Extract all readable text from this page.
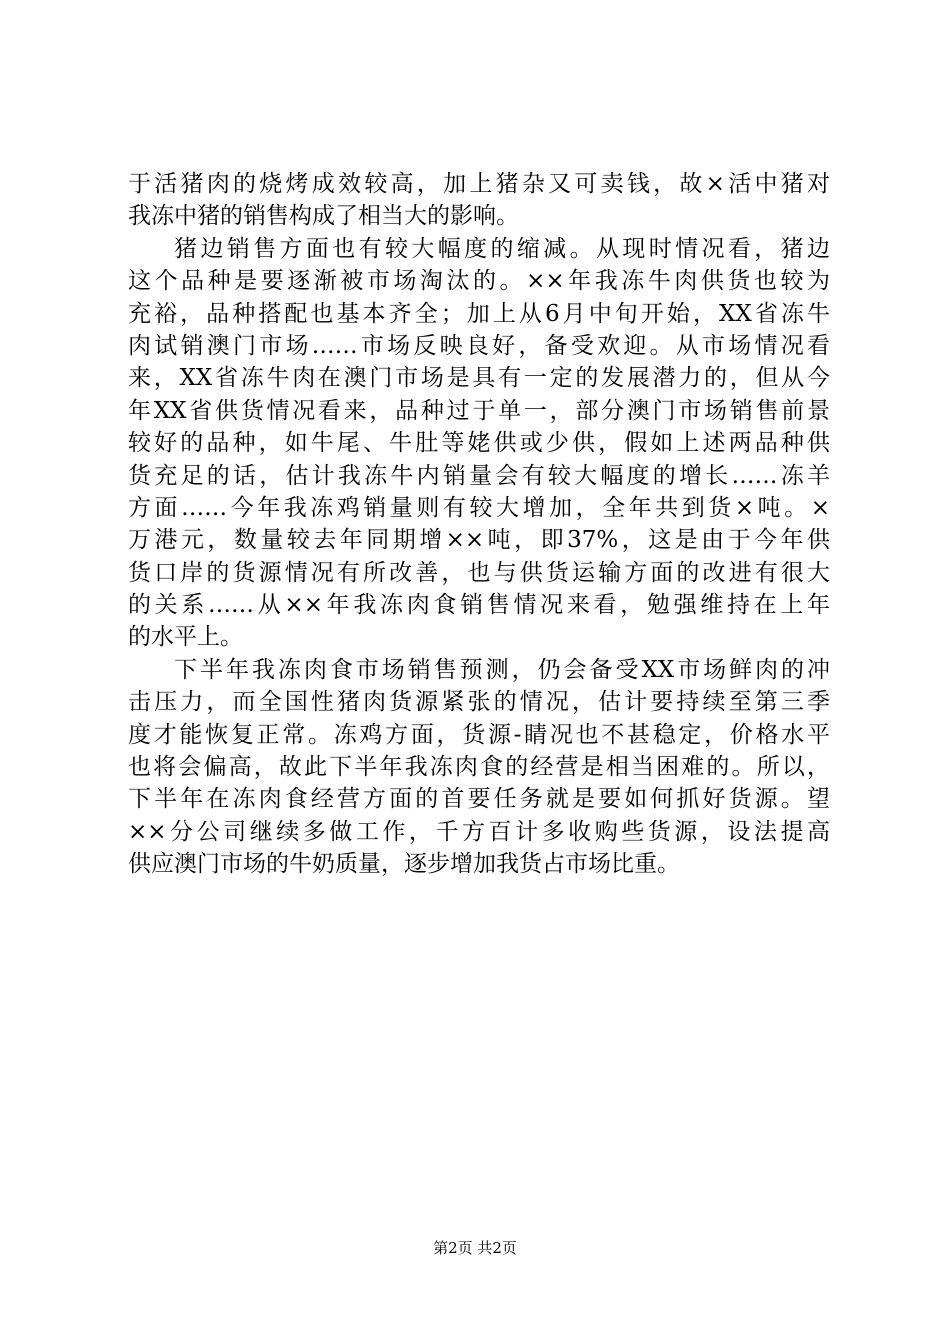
于活猪肉的烧烤成效较高，加上猪杂又可卖钱，故×活中猪对
我冻中猪的销售构成了相当大的影响。
猪边销售方面也有较大幅度的缩减。从现时情况看，猪边
这个品种是要逐渐被市场淘汰的。××年我冻牛肉供货也较为
充裕，品种搭配也基本齐全；加上从6月中旬开始，XX省冻牛
肉试销澳门市场……市场反映良好，备受欢迎。从市场情况看
来，XX省冻牛肉在澳门市场是具有一定的发展潜力的，但从今
年XX省供货情况看来，品种过于单一，部分澳门市场销售前景
较好的品种，如牛尾、牛肚等姥供或少供，假如上述两品种供
货充足的话，估计我冻牛内销量会有较大幅度的增长……冻羊
方面……今年我冻鸡销量则有较大增加，全年共到货×吨。×
万港元，数量较去年同期增××吨，即37%，这是由于今年供
货口岸的货源情况有所改善，也与供货运输方面的改进有很大
的关系……从××年我冻肉食销售情况来看，勉强维持在上年
的水平上。
下半年我冻肉食市场销售预测，仍会备受XX市场鲜肉的冲
击压力，而全国性猪肉货源紧张的情况，估计要持续至第三季
度才能恢复正常。冻鸡方面，货源-睛况也不甚稳定，价格水平
也将会偏高，故此下半年我冻肉食的经营是相当困难的。所以，
下半年在冻肉食经营方面的首要任务就是要如何抓好货源。望
××分公司继续多做工作，千方百计多收购些货源，设法提高
供应澳门市场的牛奶质量，逐步增加我货占市场比重。
第2页 共2页
